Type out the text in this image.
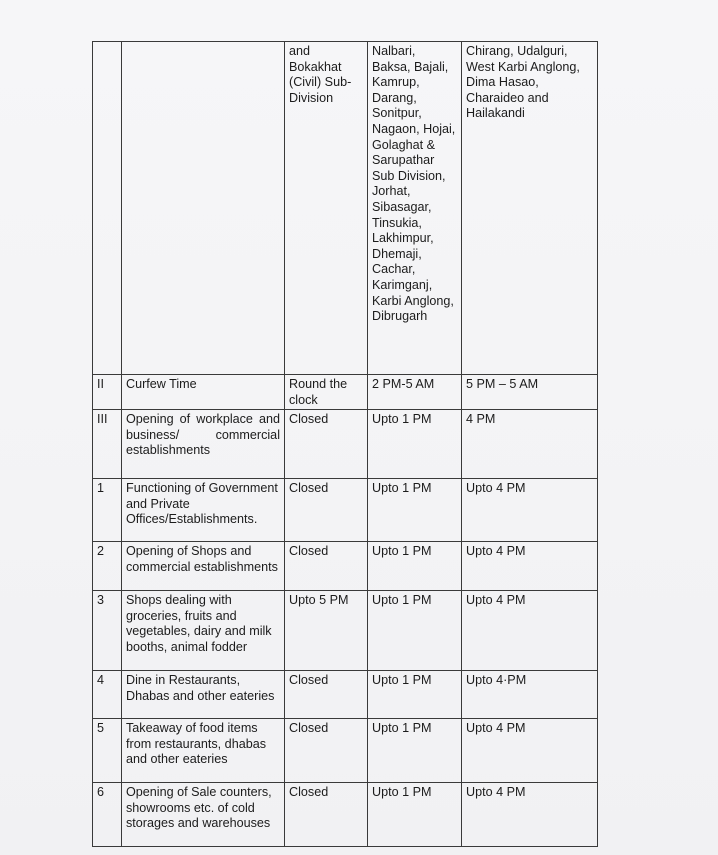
		and Bokakhat (Civil) Sub-Division	Nalbari, Baksa, Bajali, Kamrup, Darang, Sonitpur, Nagaon, Hojai, Golaghat & Sarupathar Sub Division, Jorhat, Sibasagar, Tinsukia, Lakhimpur, Dhemaji, Cachar, Karimganj, Karbi Anglong, Dibrugarh	Chirang, Udalguri, West Karbi Anglong, Dima Hasao, Charaideo and Hailakandi
II	Curfew Time	Round the clock	2 PM-5 AM	5 PM – 5 AM
III	Opening of workplace and business/ commercial establishments	Closed	Upto 1 PM	4 PM
1	Functioning of Government and Private Offices/Establishments.	Closed	Upto 1 PM	Upto 4 PM
2	Opening of Shops and commercial establishments	Closed	Upto 1 PM	Upto 4 PM
3	Shops dealing with groceries, fruits and vegetables, dairy and milk booths, animal fodder	Upto 5 PM	Upto 1 PM	Upto 4 PM
4	Dine in Restaurants, Dhabas and other eateries	Closed	Upto 1 PM	Upto 4·PM
5	Takeaway of food items from restaurants, dhabas and other eateries	Closed	Upto 1 PM	Upto 4 PM
6	Opening of Sale counters, showrooms etc. of cold storages and warehouses	Closed	Upto 1 PM	Upto 4 PM
